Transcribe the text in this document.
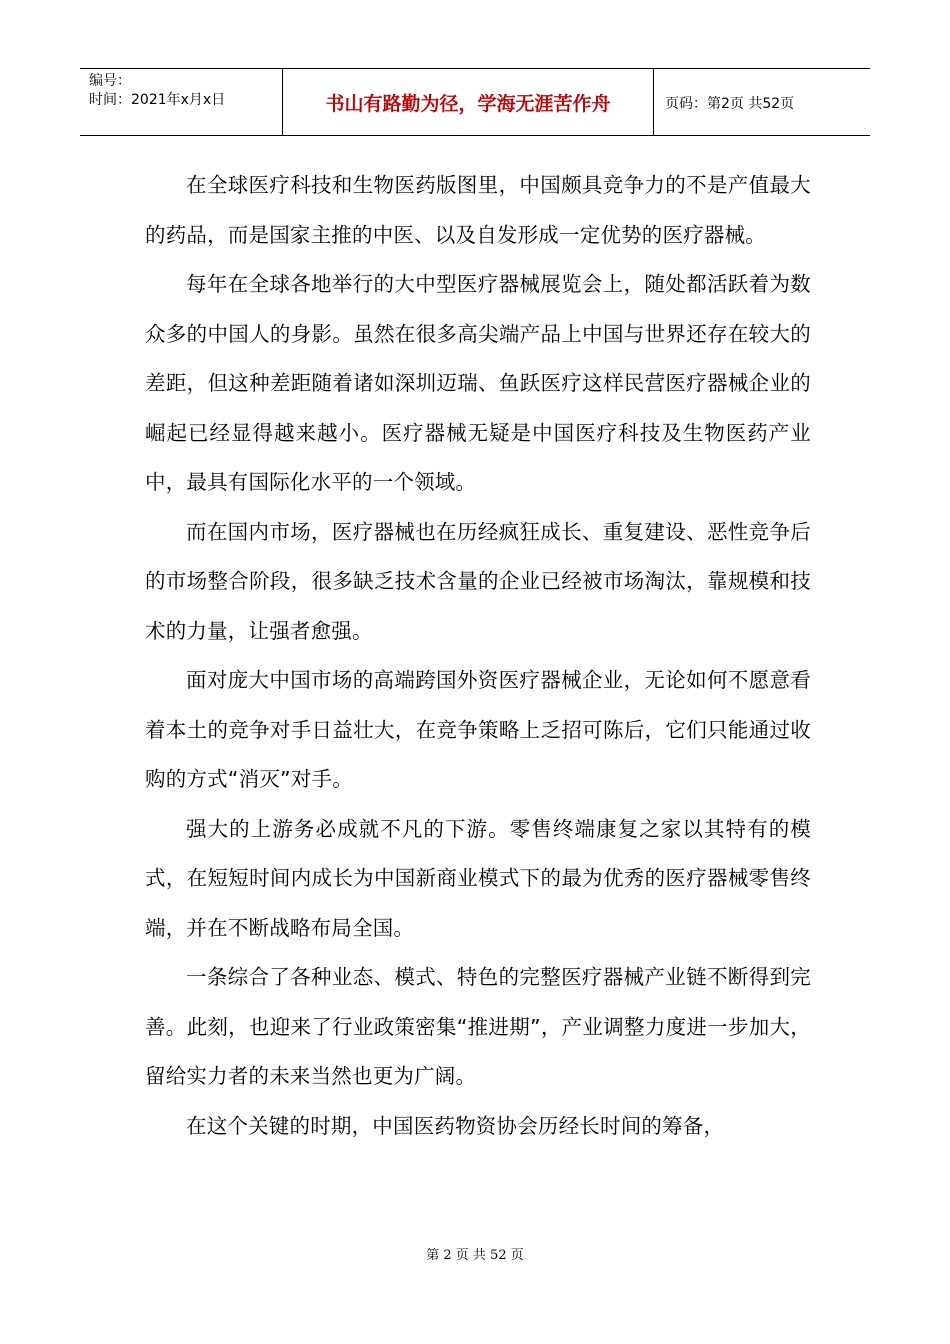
编号：
时间：2021年x月x日	书山有路勤为径，学海无涯苦作舟	页码：第2页 共52页

在全球医疗科技和生物医药版图里，中国颇具竞争力的不是产值最大的药品，而是国家主推的中医、以及自发形成一定优势的医疗器械。

每年在全球各地举行的大中型医疗器械展览会上，随处都活跃着为数众多的中国人的身影。虽然在很多高尖端产品上中国与世界还存在较大的差距，但这种差距随着诸如深圳迈瑞、鱼跃医疗这样民营医疗器械企业的崛起已经显得越来越小。医疗器械无疑是中国医疗科技及生物医药产业中，最具有国际化水平的一个领域。

而在国内市场，医疗器械也在历经疯狂成长、重复建设、恶性竞争后的市场整合阶段，很多缺乏技术含量的企业已经被市场淘汰，靠规模和技术的力量，让强者愈强。

面对庞大中国市场的高端跨国外资医疗器械企业，无论如何不愿意看着本土的竞争对手日益壮大，在竞争策略上乏招可陈后，它们只能通过收购的方式“消灭”对手。

强大的上游务必成就不凡的下游。零售终端康复之家以其特有的模式，在短短时间内成长为中国新商业模式下的最为优秀的医疗器械零售终端，并在不断战略布局全国。

一条综合了各种业态、模式、特色的完整医疗器械产业链不断得到完善。此刻，也迎来了行业政策密集“推进期”，产业调整力度进一步加大，留给实力者的未来当然也更为广阔。

在这个关键的时期，中国医药物资协会历经长时间的筹备，

第 2 页 共 52 页
